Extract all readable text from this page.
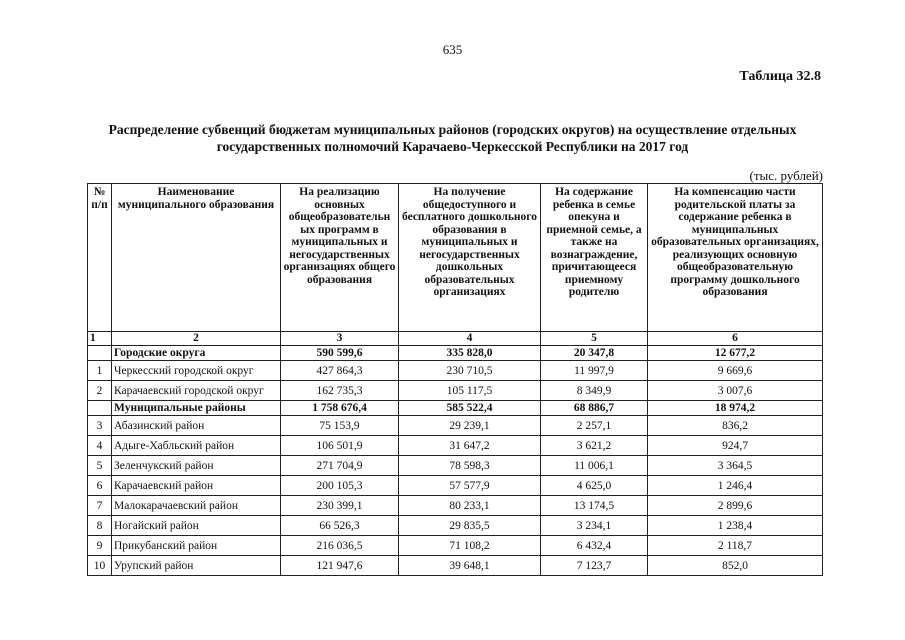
635
Таблица 32.8
Распределение субвенций бюджетам муниципальных районов (городских округов) на осуществление отдельных
государственных полномочий Карачаево-Черкесской Республики на 2017 год
(тыс. рублей)
№ п/п	Наименование муниципального образования	На реализацию основных общеобразовательн ых программ в муниципальных и негосударственных организациях общего образования	На получение общедоступного и бесплатного дошкольного образования в муниципальных и негосударственных дошкольных образовательных организациях	На содержание ребенка в семье опекуна и приемной семье, а также на вознаграждение, причитающееся приемному родителю	На компенсацию части родительской платы за содержание ребенка в муниципальных образовательных организациях, реализующих основную общеобразовательную программу дошкольного образования
1	2	3	4	5	6
	Городские округа	590 599,6	335 828,0	20 347,8	12 677,2
1	Черкесский городской округ	427 864,3	230 710,5	11 997,9	9 669,6
2	Карачаевский городской округ	162 735,3	105 117,5	8 349,9	3 007,6
	Муниципальные районы	1 758 676,4	585 522,4	68 886,7	18 974,2
3	Абазинский район	75 153,9	29 239,1	2 257,1	836,2
4	Адыге-Хабльский район	106 501,9	31 647,2	3 621,2	924,7
5	Зеленчукский район	271 704,9	78 598,3	11 006,1	3 364,5
6	Карачаевский район	200 105,3	57 577,9	4 625,0	1 246,4
7	Малокарачаевский район	230 399,1	80 233,1	13 174,5	2 899,6
8	Ногайский район	66 526,3	29 835,5	3 234,1	1 238,4
9	Прикубанский район	216 036,5	71 108,2	6 432,4	2 118,7
10	Урупский район	121 947,6	39 648,1	7 123,7	852,0
